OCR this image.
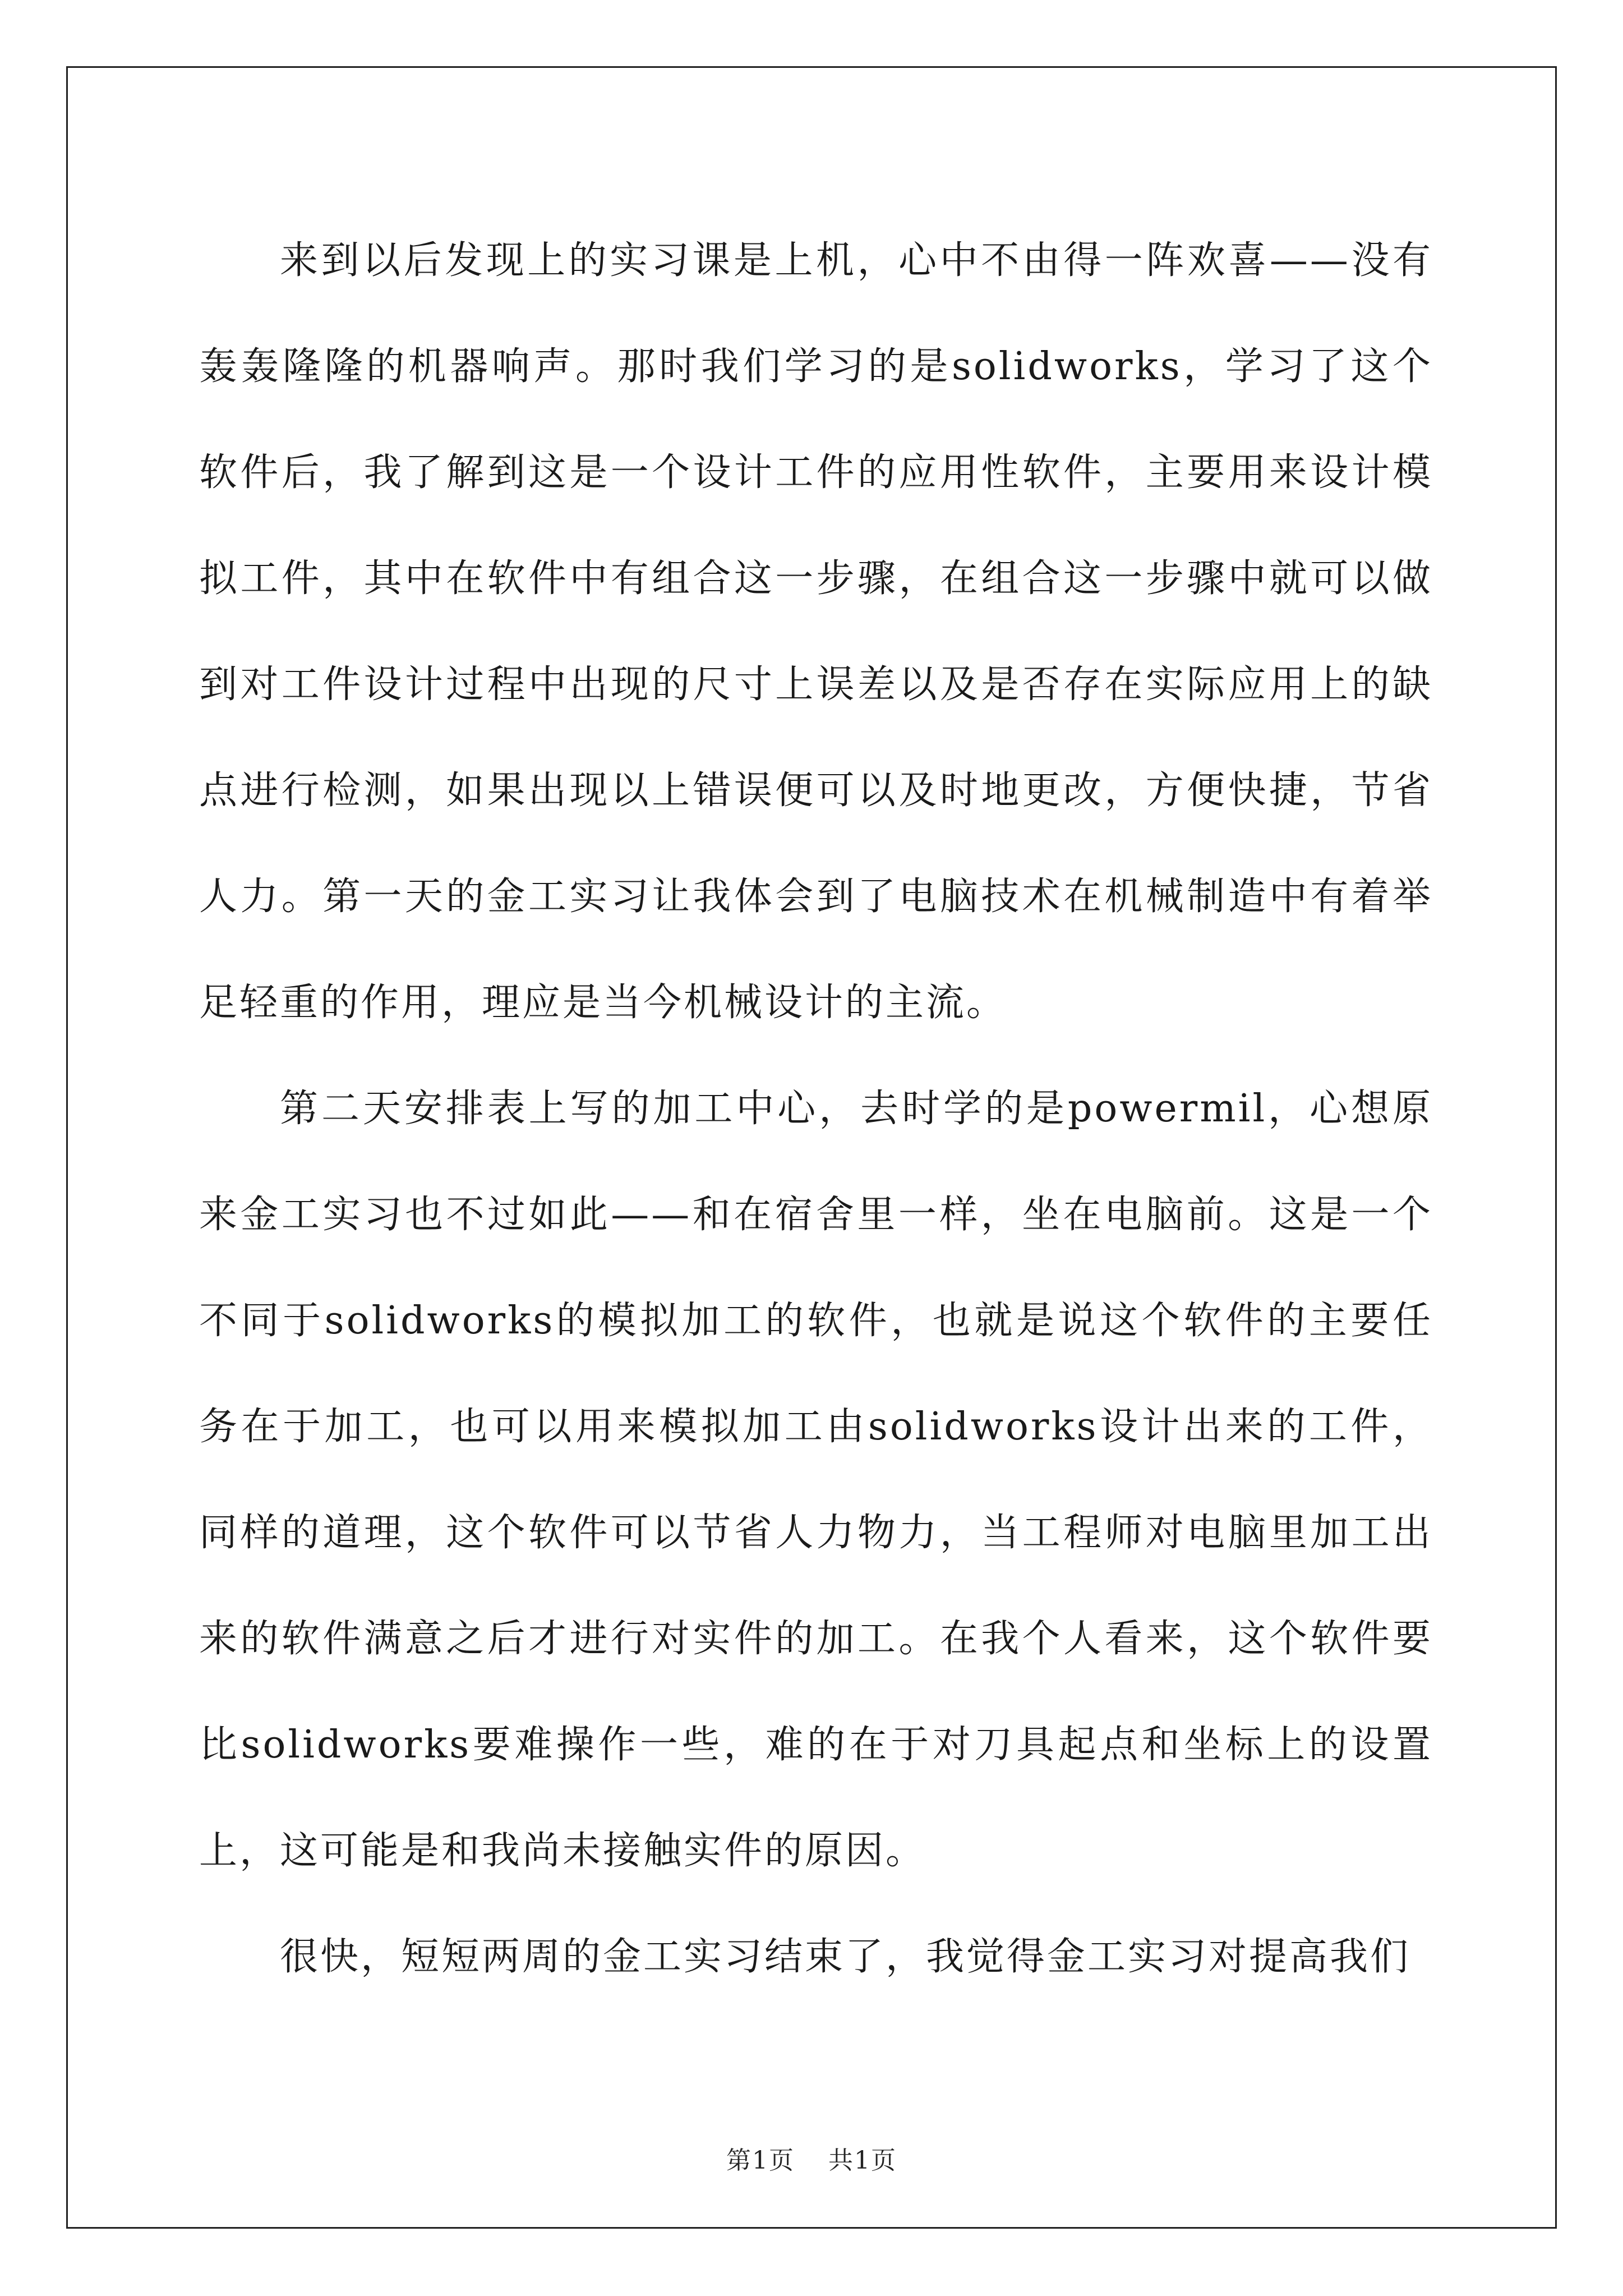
来到以后发现上的实习课是上机，心中不由得一阵欢喜——没有轰轰隆隆的机器响声。那时我们学习的是solidworks，学习了这个软件后，我了解到这是一个设计工件的应用性软件，主要用来设计模拟工件，其中在软件中有组合这一步骤，在组合这一步骤中就可以做到对工件设计过程中出现的尺寸上误差以及是否存在实际应用上的缺点进行检测，如果出现以上错误便可以及时地更改，方便快捷，节省人力。第一天的金工实习让我体会到了电脑技术在机械制造中有着举足轻重的作用，理应是当今机械设计的主流。

第二天安排表上写的加工中心，去时学的是powermil，心想原来金工实习也不过如此——和在宿舍里一样，坐在电脑前。这是一个不同于solidworks的模拟加工的软件，也就是说这个软件的主要任务在于加工，也可以用来模拟加工由solidworks设计出来的工件，同样的道理，这个软件可以节省人力物力，当工程师对电脑里加工出来的软件满意之后才进行对实件的加工。在我个人看来，这个软件要比solidworks要难操作一些，难的在于对刀具起点和坐标上的设置上，这可能是和我尚未接触实件的原因。

很快，短短两周的金工实习结束了，我觉得金工实习对提高我们

第1页 共1页
